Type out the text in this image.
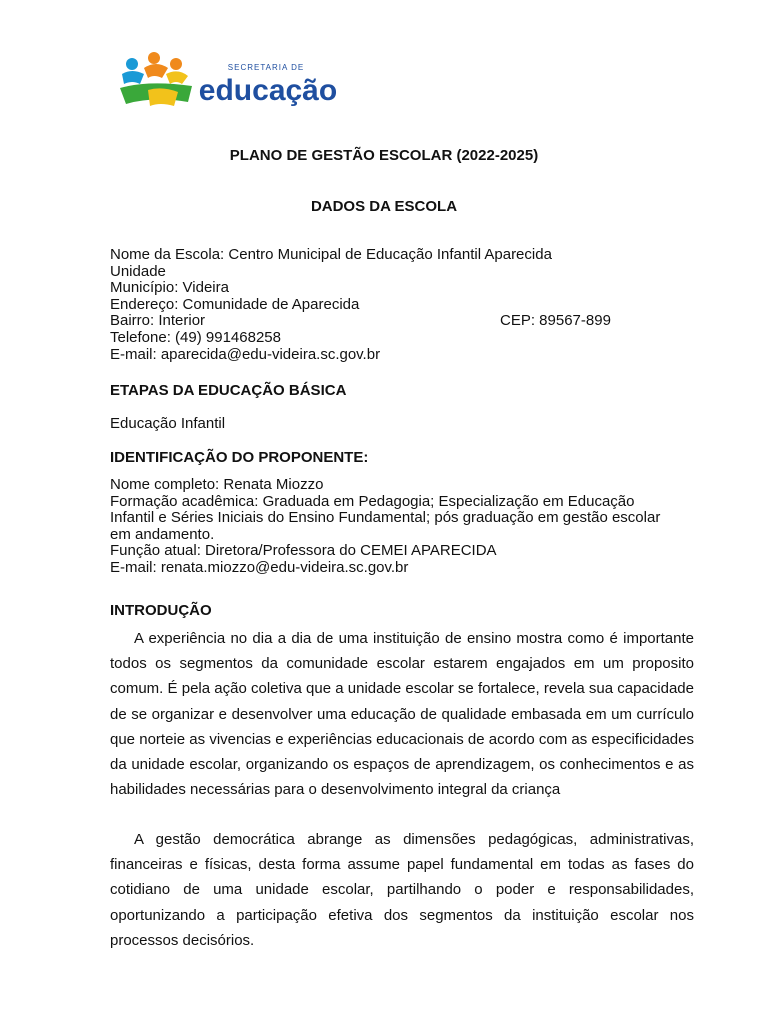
SECRETARIA DE
educação
PLANO DE GESTÃO ESCOLAR (2022-2025)
DADOS DA ESCOLA
Nome da Escola: Centro Municipal de Educação Infantil Aparecida
Unidade
Município: Videira
Endereço: Comunidade de Aparecida
Bairro: Interior	CEP: 89567-899
Telefone: (49) 991468258
E-mail: aparecida@edu-videira.sc.gov.br
ETAPAS DA EDUCAÇÃO BÁSICA
Educação Infantil
IDENTIFICAÇÃO DO PROPONENTE:
Nome completo: Renata Miozzo
Formação acadêmica: Graduada em Pedagogia; Especialização em Educação
Infantil e Séries Iniciais do Ensino Fundamental; pós graduação em gestão escolar
em andamento.
Função atual: Diretora/Professora do CEMEI APARECIDA
E-mail: renata.miozzo@edu-videira.sc.gov.br
INTRODUÇÃO

A experiência no dia a dia de uma instituição de ensino mostra como é importante todos os segmentos da comunidade escolar estarem engajados em um proposito comum. É pela ação coletiva que a unidade escolar se fortalece, revela sua capacidade de se organizar e desenvolver uma educação de qualidade embasada em um currículo que norteie as vivencias e experiências educacionais de acordo com as especificidades da unidade escolar, organizando os espaços de aprendizagem, os conhecimentos e as habilidades necessárias para o desenvolvimento integral da criança

A gestão democrática abrange as dimensões pedagógicas, administrativas, financeiras e físicas, desta forma assume papel fundamental em todas as fases do cotidiano de uma unidade escolar, partilhando o poder e responsabilidades, oportunizando a participação efetiva dos segmentos da instituição escolar nos processos decisórios.
